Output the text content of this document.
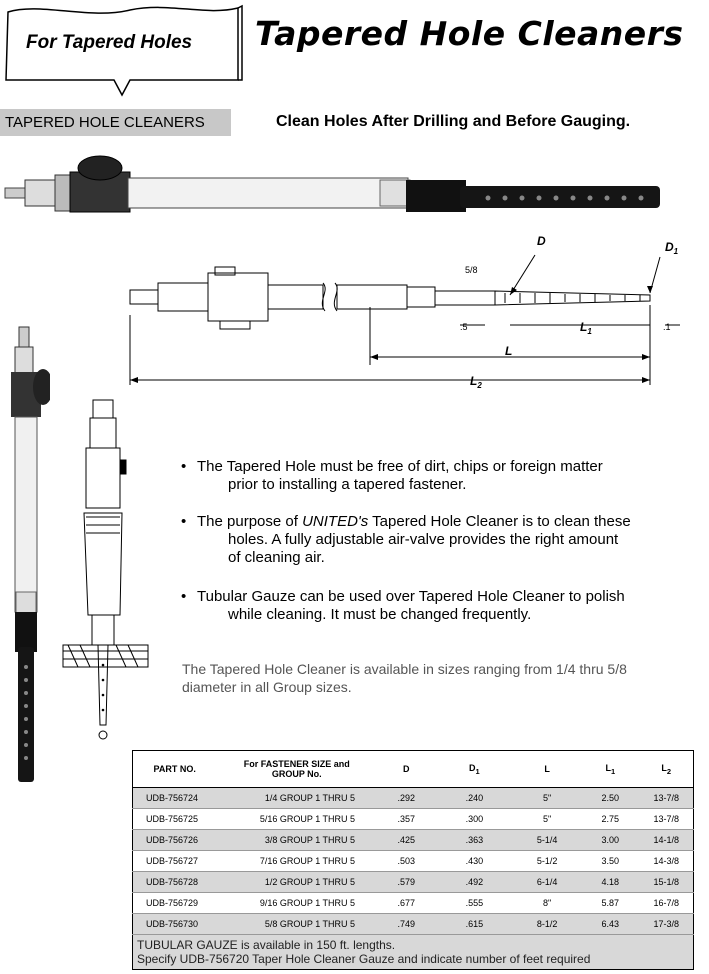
For Tapered Holes Tapered Hole Cleaners
TAPERED HOLE CLEANERS	Clean Holes After Drilling and Before Gauging.
D	$D_1$
L
$L_1$
$L_2$
5/8
.5	.1
• The Tapered Hole must be free of dirt, chips or foreign matter
prior to installing a tapered fastener.
• The purpose of UNITED's Tapered Hole Cleaner is to clean these
holes. A fully adjustable air-valve provides the right amount
of cleaning air.
• Tubular Gauze can be used over Tapered Hole Cleaner to polish
while cleaning. It must be changed frequently.
The Tapered Hole Cleaner is available in sizes ranging from 1/4 thru 5/8 diameter in all Group sizes.
PART NO.	For FASTENER SIZE and GROUP No.	D	$D_1$	L	$L_1$	$L_2$
UDB-756724	1/4 GROUP 1 THRU 5	.292	.240	5"	2.50	13-7/8
UDB-756725	5/16 GROUP 1 THRU 5	.357	.300	5"	2.75	13-7/8
UDB-756726	3/8 GROUP 1 THRU 5	.425	.363	5-1/4	3.00	14-1/8
UDB-756727	7/16 GROUP 1 THRU 5	.503	.430	5-1/2	3.50	14-3/8
UDB-756728	1/2 GROUP 1 THRU 5	.579	.492	6-1/4	4.18	15-1/8
UDB-756729	9/16 GROUP 1 THRU 5	.677	.555	8"	5.87	16-7/8
UDB-756730	5/8 GROUP 1 THRU 5	.749	.615	8-1/2	6.43	17-3/8

TUBULAR GAUZE is available in 150 ft. lengths.
Specify UDB-756720 Taper Hole Cleaner Gauze and indicate number of feet required						
